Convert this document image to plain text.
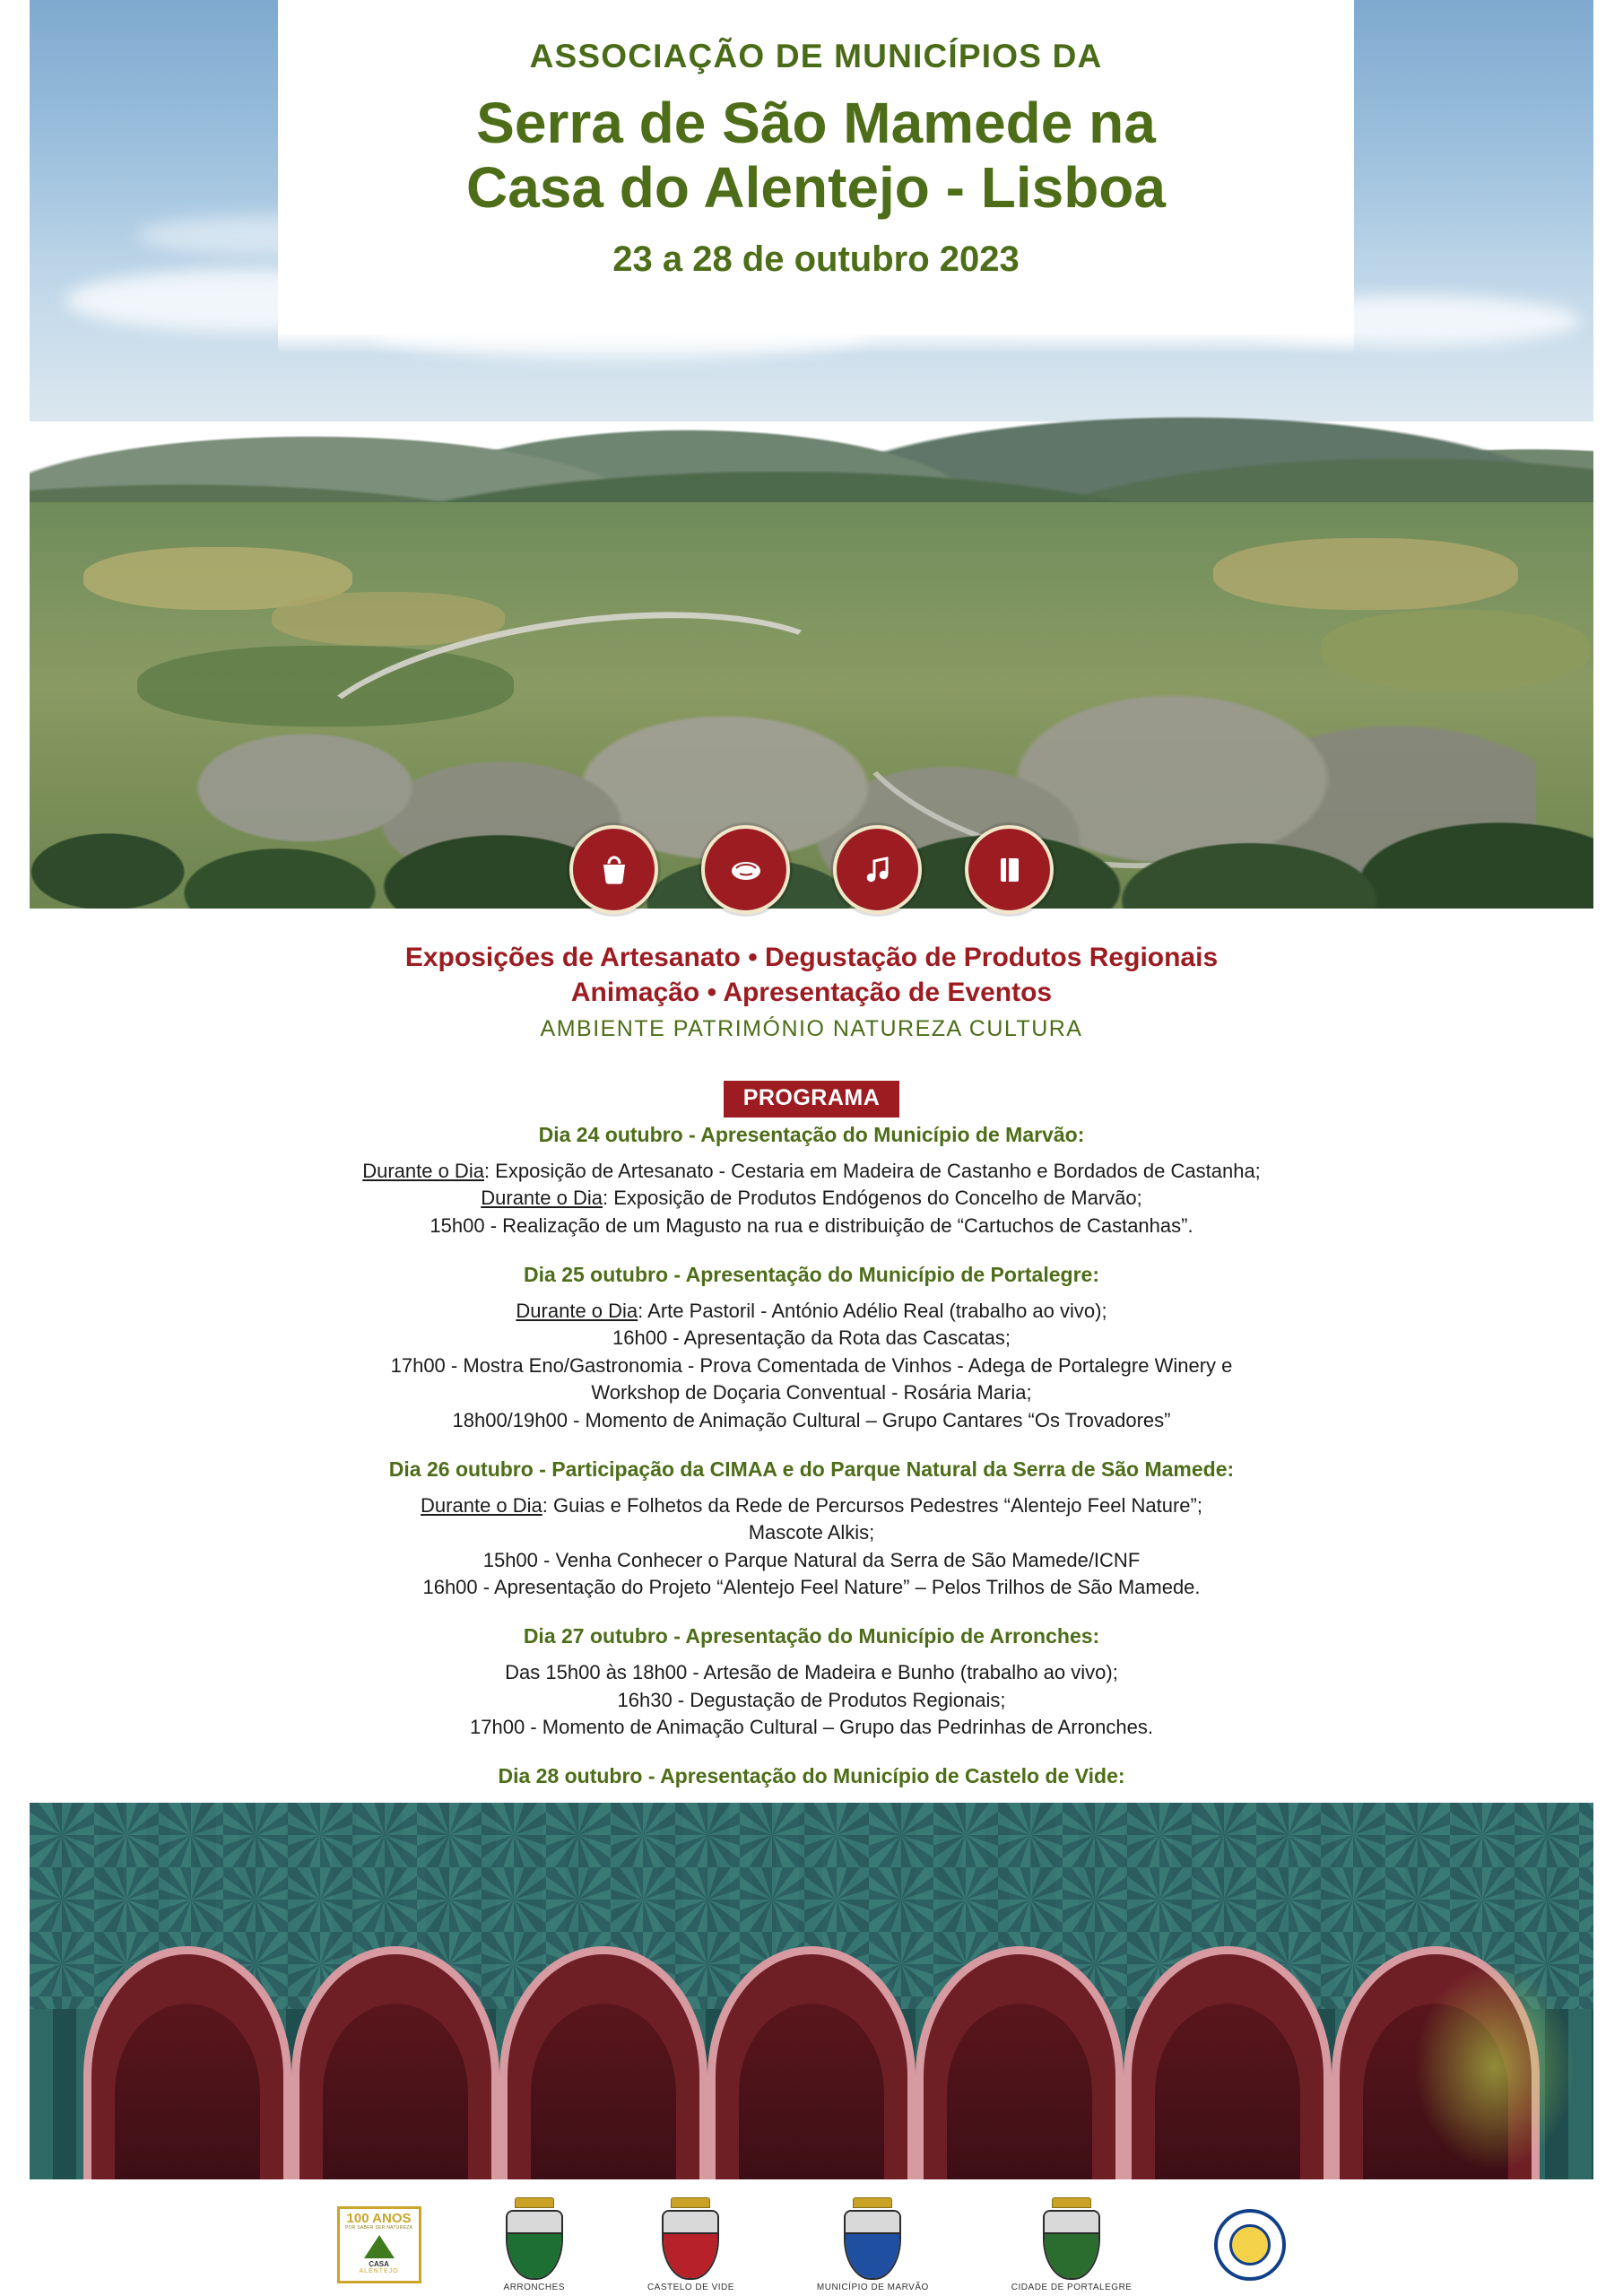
ASSOCIAÇÃO DE MUNICÍPIOS DA
Serra de São Mamede na
Casa do Alentejo - Lisboa
23 a 28 de outubro 2023
Exposições de Artesanato • Degustação de Produtos Regionais
Animação • Apresentação de Eventos
AMBIENTE PATRIMÓNIO NATUREZA CULTURA
PROGRAMA
Dia 24 outubro - Apresentação do Município de Marvão:
Durante o Dia: Exposição de Artesanato - Cestaria em Madeira de Castanho e Bordados de Castanha;
Durante o Dia: Exposição de Produtos Endógenos do Concelho de Marvão;
15h00 - Realização de um Magusto na rua e distribuição de “Cartuchos de Castanhas”.
Dia 25 outubro - Apresentação do Município de Portalegre:
Durante o Dia: Arte Pastoril - António Adélio Real (trabalho ao vivo);
16h00 - Apresentação da Rota das Cascatas;
17h00 - Mostra Eno/Gastronomia - Prova Comentada de Vinhos - Adega de Portalegre Winery e
Workshop de Doçaria Conventual - Rosária Maria;
18h00/19h00 - Momento de Animação Cultural – Grupo Cantares “Os Trovadores”
Dia 26 outubro - Participação da CIMAA e do Parque Natural da Serra de São Mamede:
Durante o Dia: Guias e Folhetos da Rede de Percursos Pedestres “Alentejo Feel Nature”;
Mascote Alkis;
15h00 - Venha Conhecer o Parque Natural da Serra de São Mamede/ICNF
16h00 - Apresentação do Projeto “Alentejo Feel Nature” – Pelos Trilhos de São Mamede.
Dia 27 outubro - Apresentação do Município de Arronches:
Das 15h00 às 18h00 - Artesão de Madeira e Bunho (trabalho ao vivo);
16h30 - Degustação de Produtos Regionais;
17h00 - Momento de Animação Cultural – Grupo das Pedrinhas de Arronches.
Dia 28 outubro - Apresentação do Município de Castelo de Vide:
100 ANOS
POR SABER SER NATUREZA
CASA
ALENTEJO
ARRONCHES	CASTELO DE VIDE	MUNICÍPIO DE MARVÃO	CIDADE DE PORTALEGRE
